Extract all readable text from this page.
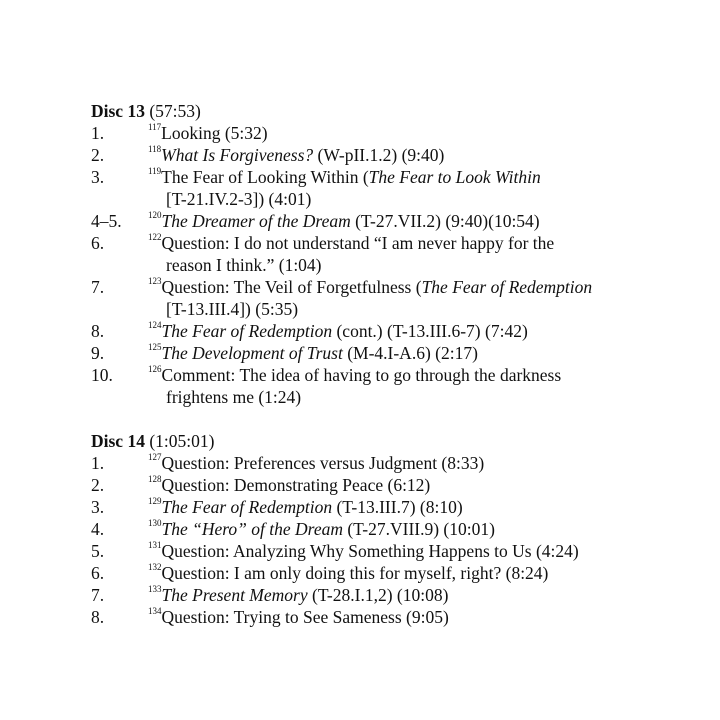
Disc 13 (57:53)
1.	$^{117}$Looking (5:32)
2.	$^{118}$What Is Forgiveness? (W-pII.1.2) (9:40)
3.	$^{119}$The Fear of Looking Within (The Fear to Look Within
[T-21.IV.2-3]) (4:01)
4–5.	$^{120}$The Dreamer of the Dream (T-27.VII.2) (9:40)(10:54)
6.	$^{122}$Question: I do not understand “I am never happy for the
reason I think.” (1:04)
7.	$^{123}$Question: The Veil of Forgetfulness (The Fear of Redemption
[T-13.III.4]) (5:35)
8.	$^{124}$The Fear of Redemption (cont.) (T-13.III.6-7) (7:42)
9.	$^{125}$The Development of Trust (M-4.I-A.6) (2:17)
10.	$^{126}$Comment: The idea of having to go through the darkness
frightens me (1:24)
Disc 14 (1:05:01)
1.	$^{127}$Question: Preferences versus Judgment (8:33)
2.	$^{128}$Question: Demonstrating Peace (6:12)
3.	$^{129}$The Fear of Redemption (T-13.III.7) (8:10)
4.	$^{130}$The “Hero” of the Dream (T-27.VIII.9) (10:01)
5.	$^{131}$Question: Analyzing Why Something Happens to Us (4:24)
6.	$^{132}$Question: I am only doing this for myself, right? (8:24)
7.	$^{133}$The Present Memory (T-28.I.1,2) (10:08)
8.	$^{134}$Question: Trying to See Sameness (9:05)
